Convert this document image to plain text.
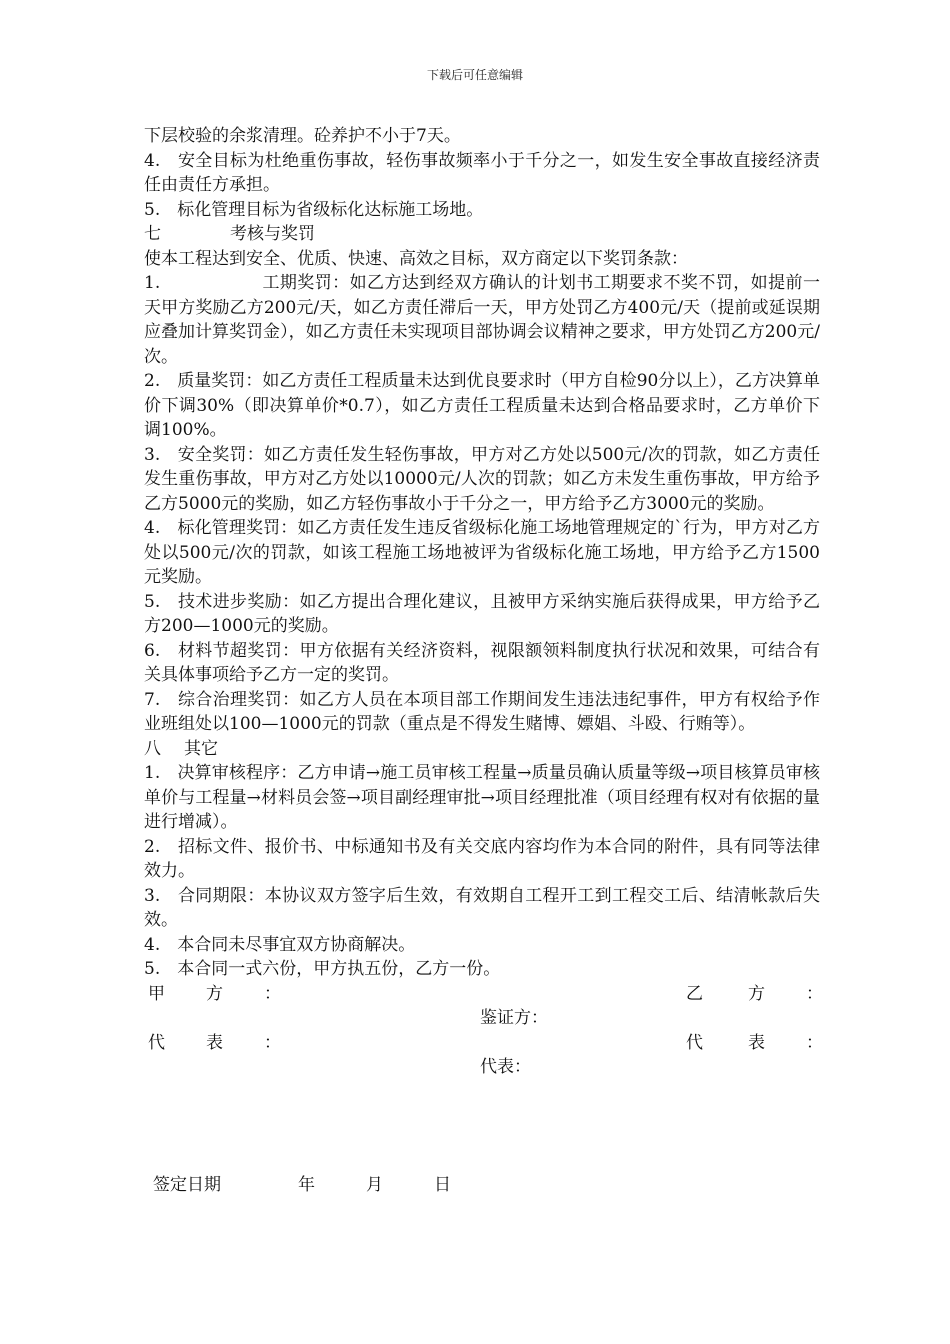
下载后可任意编辑

下层校验的余浆清理。砼养护不小于7天。

4.　安全目标为杜绝重伤事故，轻伤事故频率小于千分之一，如发生安全事故直接经济责任由责任方承担。

5.　标化管理目标为省级标化达标施工场地。

七	考核与奖罚

使本工程达到安全、优质、快速、高效之目标，双方商定以下奖罚条款：

1.	工期奖罚：如乙方达到经双方确认的计划书工期要求不奖不罚，如提前一天甲方奖励乙方200元/天，如乙方责任滞后一天，甲方处罚乙方400元/天（提前或延误期应叠加计算奖罚金），如乙方责任未实现项目部协调会议精神之要求，甲方处罚乙方200元/次。

2.　质量奖罚：如乙方责任工程质量未达到优良要求时（甲方自检90分以上），乙方决算单价下调30%（即决算单价*0.7），如乙方责任工程质量未达到合格品要求时，乙方单价下调100%。

3.　安全奖罚：如乙方责任发生轻伤事故，甲方对乙方处以500元/次的罚款，如乙方责任发生重伤事故，甲方对乙方处以10000元/人次的罚款；如乙方未发生重伤事故，甲方给予乙方5000元的奖励，如乙方轻伤事故小于千分之一，甲方给予乙方3000元的奖励。

4.　标化管理奖罚：如乙方责任发生违反省级标化施工场地管理规定的`行为，甲方对乙方处以500元/次的罚款，如该工程施工场地被评为省级标化施工场地，甲方给予乙方1500元奖励。

5.　技术进步奖励：如乙方提出合理化建议，且被甲方采纳实施后获得成果，甲方给予乙方200—1000元的奖励。

6.　材料节超奖罚：甲方依据有关经济资料，视限额领料制度执行状况和效果，可结合有关具体事项给予乙方一定的奖罚。

7.　综合治理奖罚：如乙方人员在本项目部工作期间发生违法违纪事件，甲方有权给予作业班组处以100—1000元的罚款（重点是不得发生赌博、嫖娼、斗殴、行贿等）。

八 其它

1.　决算审核程序：乙方申请→施工员审核工程量→质量员确认质量等级→项目核算员审核单价与工程量→材料员会签→项目副经理审批→项目经理批准（项目经理有权对有依据的量进行增减）。

2.　招标文件、报价书、中标通知书及有关交底内容均作为本合同的附件，具有同等法律效力。

3.　合同期限：本协议双方签字后生效，有效期自工程开工到工程交工后、结清帐款后失效。

4.　本合同未尽事宜双方协商解决。

5.　本合同一式六份，甲方执五份，乙方一份。

甲 方 ：	乙	方 ：
鉴证方：
代 表 ：	代	表 ：
代表：
签定日期	年	月	日
